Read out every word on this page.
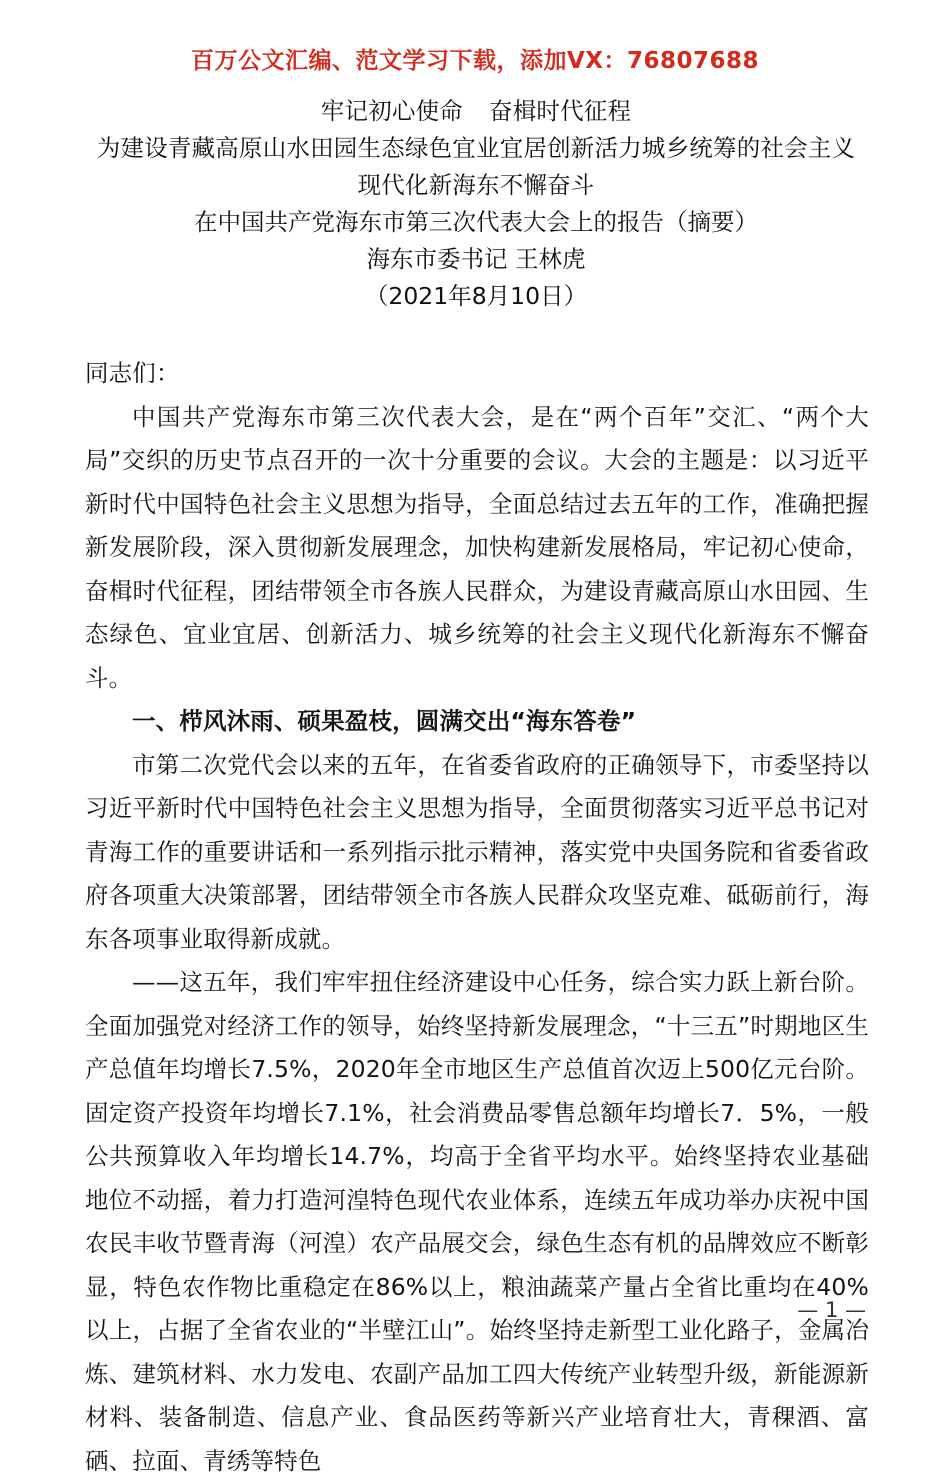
百万公文汇编、范文学习下载，添加VX：76807688
牢记初心使命 奋楫时代征程
为建设青藏高原山水田园生态绿色宜业宜居创新活力城乡统筹的社会主义现代化新海东不懈奋斗
在中国共产党海东市第三次代表大会上的报告（摘要）
海东市委书记 王林虎
（2021年8月10日）

同志们：

中国共产党海东市第三次代表大会，是在“两个百年”交汇、“两个大局”交织的历史节点召开的一次十分重要的会议。大会的主题是：以习近平新时代中国特色社会主义思想为指导，全面总结过去五年的工作，准确把握新发展阶段，深入贯彻新发展理念，加快构建新发展格局，牢记初心使命，奋楫时代征程，团结带领全市各族人民群众，为建设青藏高原山水田园、生态绿色、宜业宜居、创新活力、城乡统筹的社会主义现代化新海东不懈奋斗。

一、栉风沐雨、硕果盈枝，圆满交出“海东答卷”

市第二次党代会以来的五年，在省委省政府的正确领导下，市委坚持以习近平新时代中国特色社会主义思想为指导，全面贯彻落实习近平总书记对青海工作的重要讲话和一系列指示批示精神，落实党中央国务院和省委省政府各项重大决策部署，团结带领全市各族人民群众攻坚克难、砥砺前行，海东各项事业取得新成就。

——这五年，我们牢牢扭住经济建设中心任务，综合实力跃上新台阶。全面加强党对经济工作的领导，始终坚持新发展理念，“十三五”时期地区生产总值年均增长7.5%，2020年全市地区生产总值首次迈上500亿元台阶。固定资产投资年均增长7.1%，社会消费品零售总额年均增长7．5%，一般公共预算收入年均增长14.7%，均高于全省平均水平。始终坚持农业基础地位不动摇，着力打造河湟特色现代农业体系，连续五年成功举办庆祝中国农民丰收节暨青海（河湟）农产品展交会，绿色生态有机的品牌效应不断彰显，特色农作物比重稳定在86%以上，粮油蔬菜产量占全省比重均在40%以上，占据了全省农业的“半壁江山”。始终坚持走新型工业化路子，金属冶炼、建筑材料、水力发电、农副产品加工四大传统产业转型升级，新能源新材料、装备制造、信息产业、食品医药等新兴产业培育壮大，青稞酒、富硒、拉面、青绣等特色

— 1 —
